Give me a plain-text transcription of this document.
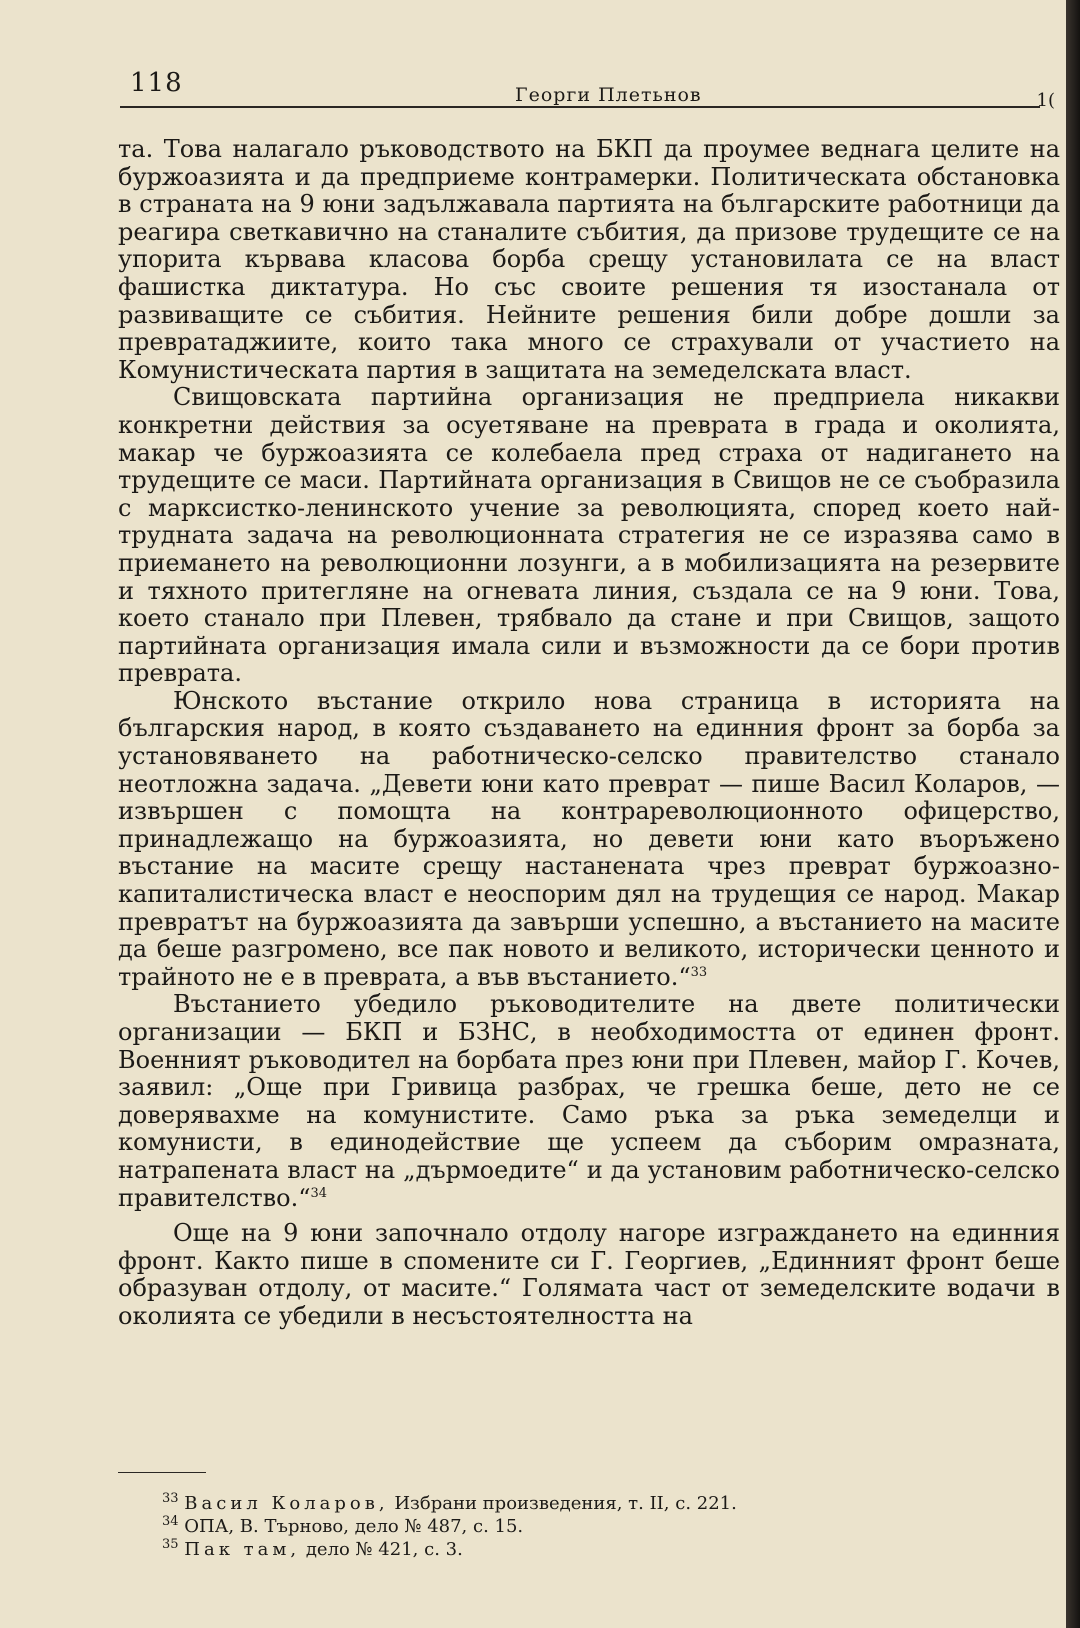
118	Георги Плетьнов	1(

та. Това налагало ръководството на БКП да проумее веднага целите на буржоазията и да предприеме контрамерки. Политическата обстановка в страната на 9 юни задължавала партията на българските работници да реагира светкавично на станалите събития, да призове трудещите се на упорита кървава класова борба срещу установилата се на власт фашистка диктатура. Но със своите решения тя изостанала от развиващите се събития. Нейните решения били добре дошли за превратаджиите, които така много се страхували от участието на Комунистическата партия в защитата на земеделската власт.

Свищовската партийна организация не предприела никакви конкретни действия за осуетяване на преврата в града и околията, макар че буржоазията се колебаела пред страха от надигането на трудещите се маси. Партийната организация в Свищов не се съобразила с марксистко-ленинското учение за революцията, според което най-трудната задача на революционната стратегия не се изразява само в приемането на революционни лозунги, а в мобилизацията на резервите и тяхното притегляне на огневата линия, създала се на 9 юни. Това, което станало при Плевен, трябвало да стане и при Свищов, защото партийната организация имала сили и възможности да се бори против преврата.

Юнското въстание открило нова страница в историята на българския народ, в която създаването на единния фронт за борба за установяването на работническо-селско правителство станало неотложна задача. „Девети юни като преврат — пише Васил Коларов, — извършен с помощта на контрареволюционното офицерство, принадлежащо на буржоазията, но девети юни като въоръжено въстание на масите срещу настанената чрез преврат буржоазно-капиталистическа власт е неоспорим дял на трудещия се народ. Макар превратът на буржоазията да завърши успешно, а въстанието на масите да беше разгромено, все пак новото и великото, исторически ценното и трайното не е в преврата, а във въстанието.“$^{33}$

Въстанието убедило ръководителите на двете политически организации — БКП и БЗНС, в необходимостта от единен фронт. Военният ръководител на борбата през юни при Плевен, майор Г. Кочев, заявил: „Още при Гривица разбрах, че грешка беше, дето не се доверявахме на комунистите. Само ръка за ръка земеделци и комунисти, в единодействие ще успеем да съборим омразната, натрапената власт на „дърмоедите“ и да установим работническо-селско правителство.“$^{34}$

Още на 9 юни започнало отдолу нагоре изграждането на единния фронт. Както пише в спомените си Г. Георгиев, „Единният фронт беше образуван отдолу, от масите.“ Голямата част от земеделските водачи в околията се убедили в несъстоятелността на

$^{33}$ Васил Коларов, Избрани произведения, т. II, с. 221.

$^{34}$ ОПА, В. Търново, дело № 487, с. 15.

$^{35}$ Пак там, дело № 421, с. 3.
